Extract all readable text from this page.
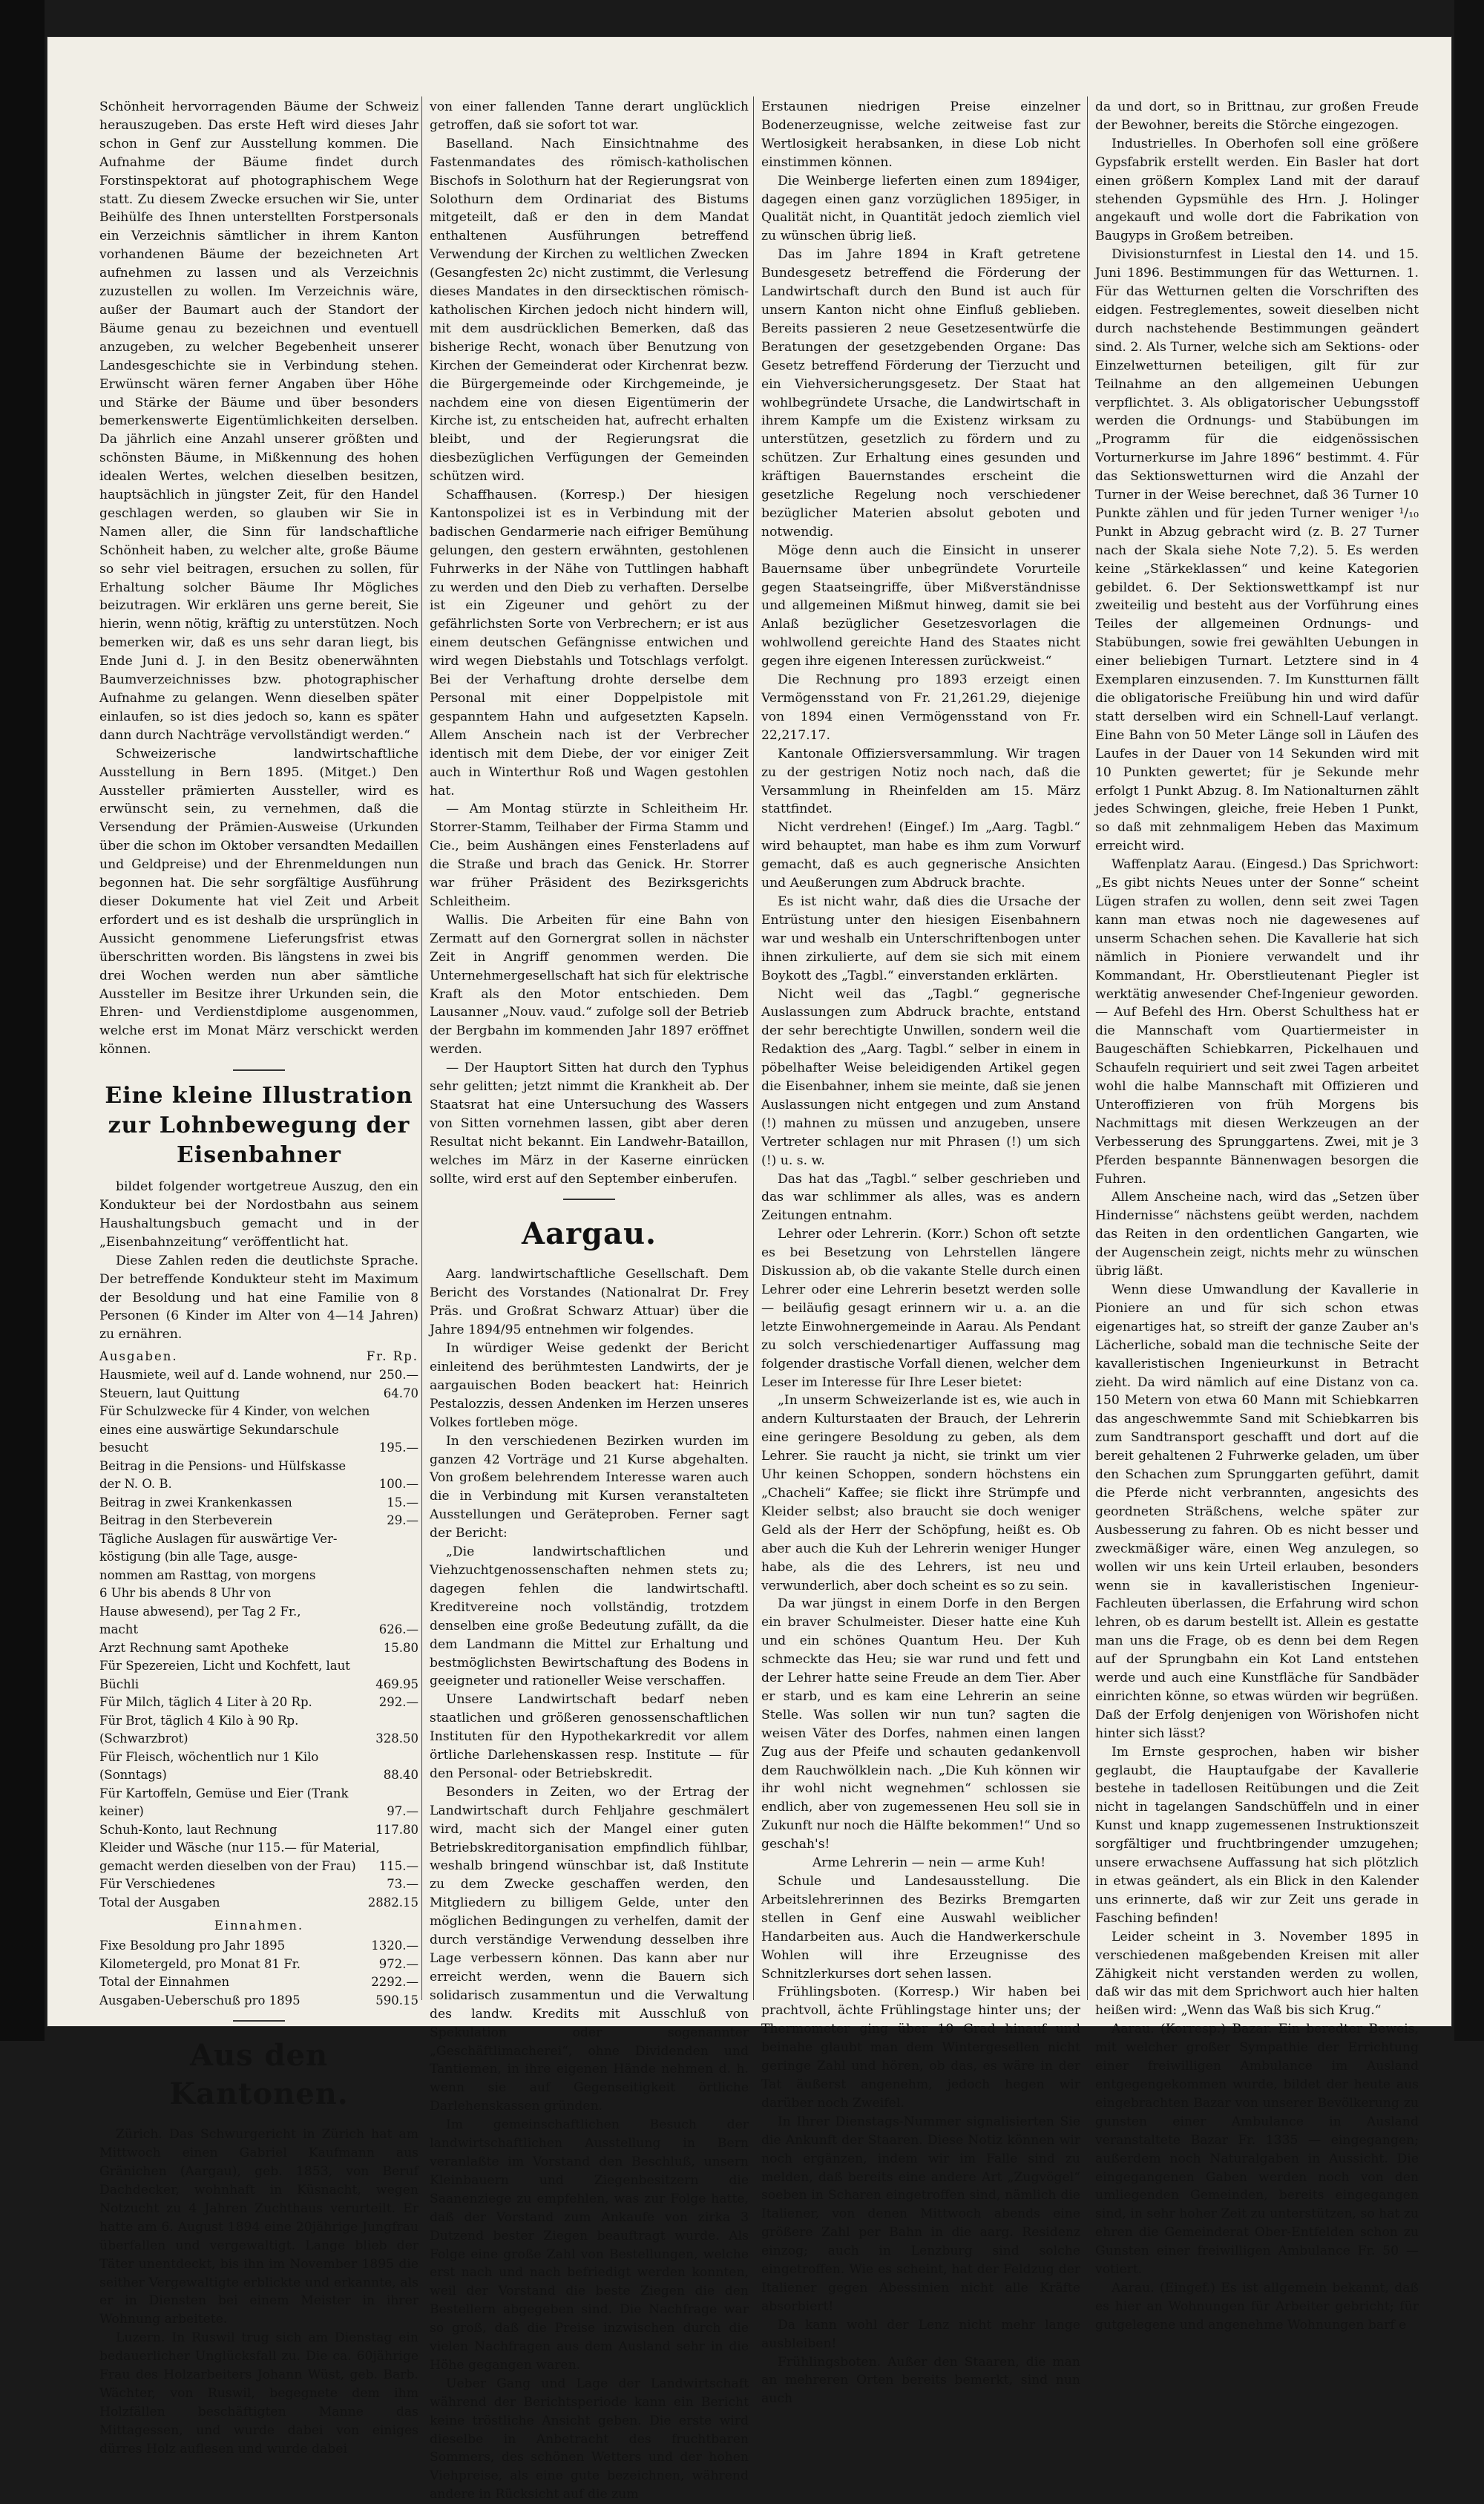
Schönheit hervorragenden Bäume der Schweiz herauszugeben. Das erste Heft wird dieses Jahr schon in Genf zur Ausstellung kommen. Die Aufnahme der Bäume findet durch Forstinspektorat auf photographischem Wege statt. Zu diesem Zwecke ersuchen wir Sie, unter Beihülfe des Ihnen unterstellten Forstpersonals ein Verzeichnis sämtlicher in ihrem Kanton vorhandenen Bäume der bezeichneten Art aufnehmen zu lassen und als Verzeichnis zuzustellen zu wollen. Im Verzeichnis wäre, außer der Baumart auch der Standort der Bäume genau zu bezeichnen und eventuell anzugeben, zu welcher Begebenheit unserer Landesgeschichte sie in Verbindung stehen. Erwünscht wären ferner Angaben über Höhe und Stärke der Bäume und über besonders bemerkenswerte Eigentümlichkeiten derselben. Da jährlich eine Anzahl unserer größten und schönsten Bäume, in Mißkennung des hohen idealen Wertes, welchen dieselben besitzen, hauptsächlich in jüngster Zeit, für den Handel geschlagen werden, so glauben wir Sie in Namen aller, die Sinn für landschaftliche Schönheit haben, zu welcher alte, große Bäume so sehr viel beitragen, ersuchen zu sollen, für Erhaltung solcher Bäume Ihr Mögliches beizutragen. Wir erklären uns gerne bereit, Sie hierin, wenn nötig, kräftig zu unterstützen. Noch bemerken wir, daß es uns sehr daran liegt, bis Ende Juni d. J. in den Besitz obenerwähnten Baumverzeichnisses bzw. photographischer Aufnahme zu gelangen. Wenn dieselben später einlaufen, so ist dies jedoch so, kann es später dann durch Nachträge vervollständigt werden.“

Schweizerische landwirtschaftliche Ausstellung in Bern 1895. (Mitget.) Den Aussteller prämierten Aussteller, wird es erwünscht sein, zu vernehmen, daß die Versendung der Prämien-Ausweise (Urkunden über die schon im Oktober versandten Medaillen und Geldpreise) und der Ehrenmeldungen nun begonnen hat. Die sehr sorgfältige Ausführung dieser Dokumente hat viel Zeit und Arbeit erfordert und es ist deshalb die ursprünglich in Aussicht genommene Lieferungsfrist etwas überschritten worden. Bis längstens in zwei bis drei Wochen werden nun aber sämtliche Aussteller im Besitze ihrer Urkunden sein, die Ehren- und Verdienstdiplome ausgenommen, welche erst im Monat März verschickt werden können.

Eine kleine Illustration zur Lohnbewegung der Eisenbahner

bildet folgender wortgetreue Auszug, den ein Kondukteur bei der Nordostbahn aus seinem Haushaltungsbuch gemacht und in der „Eisenbahnzeitung“ veröffentlicht hat.

Diese Zahlen reden die deutlichste Sprache. Der betreffende Kondukteur steht im Maximum der Besoldung und hat eine Familie von 8 Personen (6 Kinder im Alter von 4—14 Jahren) zu ernähren.

Ausgaben.	Fr. Rp.
Hausmiete, weil auf d. Lande wohnend, nur 250.—
Steuern, laut Quittung	64.70
Für Schulzwecke für 4 Kinder, von welchen
eines eine auswärtige Sekundarschule
besucht	195.—
Beitrag in die Pensions- und Hülfskasse
der N. O. B.	100.—
Beitrag in zwei Krankenkassen	15.—
Beitrag in den Sterbeverein	29.—
Tägliche Auslagen für auswärtige Ver-
köstigung (bin alle Tage, ausge-
nommen am Rasttag, von morgens
6 Uhr bis abends 8 Uhr von
Hause abwesend), per Tag 2 Fr.,
macht	626.—
Arzt Rechnung samt Apotheke	15.80
Für Spezereien, Licht und Kochfett, laut
Büchli	469.95
Für Milch, täglich 4 Liter à 20 Rp.	292.—
Für Brot, täglich 4 Kilo à 90 Rp.
(Schwarzbrot)	328.50
Für Fleisch, wöchentlich nur 1 Kilo
(Sonntags)	88.40
Für Kartoffeln, Gemüse und Eier (Trank
keiner)	97.—
Schuh-Konto, laut Rechnung	117.80
Kleider und Wäsche (nur 115.— für Material,
gemacht werden dieselben von der Frau)	115.—
Für Verschiedenes	73.—
Total der Ausgaben	2882.15
Einnahmen.
Fixe Besoldung pro Jahr 1895	1320.—
Kilometergeld, pro Monat 81 Fr.	972.—
Total der Einnahmen	2292.—
Ausgaben-Ueberschuß pro 1895	590.15
Aus den Kantonen.

Zürich. Das Schwurgericht in Zürich hat am Mittwoch einen Gabriel Kaufmann aus Gränichen (Aargau), geb. 1853, von Beruf Dachdecker, wohnhaft in Küsnacht, wegen Notzucht zu 4 Jahren Zuchthaus verurteilt. Er hatte am 6. August 1894 eine 20jährige Jungfrau überfallen und vergewaltigt. Lange blieb der Täter unentdeckt, bis ihn im November 1895 die seither Vergewaltigte erblickte und erkannte, als er in Diensten bei einem Meister in ihrer Wohnung arbeitete.

Luzern. In Ruswil trug sich am Dienstag ein bedauerlicher Unglücksfall zu. Die ca. 60jährige Frau des Holzarbeiters Johann Wüst, geb. Barb. Wächter, von Ruswil, begegnete dem ihm Holzfällen beschäftigten Manne das Mittagessen, und wurde dabei von einiges dürres Holz auflesen und wurde dabei

von einer fallenden Tanne derart unglücklich getroffen, daß sie sofort tot war.

Baselland. Nach Einsichtnahme des Fastenmandates des römisch-katholischen Bischofs in Solothurn hat der Regierungsrat von Solothurn dem Ordinariat des Bistums mitgeteilt, daß er den in dem Mandat enthaltenen Ausführungen betreffend Verwendung der Kirchen zu weltlichen Zwecken (Gesangfesten 2c) nicht zustimmt, die Verlesung dieses Mandates in den dirsecktischen römisch-katholischen Kirchen jedoch nicht hindern will, mit dem ausdrücklichen Bemerken, daß das bisherige Recht, wonach über Benutzung von Kirchen der Gemeinderat oder Kirchenrat bezw. die Bürgergemeinde oder Kirchgemeinde, je nachdem eine von diesen Eigentümerin der Kirche ist, zu entscheiden hat, aufrecht erhalten bleibt, und der Regierungsrat die diesbezüglichen Verfügungen der Gemeinden schützen wird.

Schaffhausen. (Korresp.) Der hiesigen Kantonspolizei ist es in Verbindung mit der badischen Gendarmerie nach eifriger Bemühung gelungen, den gestern erwähnten, gestohlenen Fuhrwerks in der Nähe von Tuttlingen habhaft zu werden und den Dieb zu verhaften. Derselbe ist ein Zigeuner und gehört zu der gefährlichsten Sorte von Verbrechern; er ist aus einem deutschen Gefängnisse entwichen und wird wegen Diebstahls und Totschlags verfolgt. Bei der Verhaftung drohte derselbe dem Personal mit einer Doppelpistole mit gespanntem Hahn und aufgesetzten Kapseln. Allem Anschein nach ist der Verbrecher identisch mit dem Diebe, der vor einiger Zeit auch in Winterthur Roß und Wagen gestohlen hat.

— Am Montag stürzte in Schleitheim Hr. Storrer-Stamm, Teilhaber der Firma Stamm und Cie., beim Aushängen eines Fensterladens auf die Straße und brach das Genick. Hr. Storrer war früher Präsident des Bezirksgerichts Schleitheim.

Wallis. Die Arbeiten für eine Bahn von Zermatt auf den Gornergrat sollen in nächster Zeit in Angriff genommen werden. Die Unternehmergesellschaft hat sich für elektrische Kraft als den Motor entschieden. Dem Lausanner „Nouv. vaud.“ zufolge soll der Betrieb der Bergbahn im kommenden Jahr 1897 eröffnet werden.

— Der Hauptort Sitten hat durch den Typhus sehr gelitten; jetzt nimmt die Krankheit ab. Der Staatsrat hat eine Untersuchung des Wassers von Sitten vornehmen lassen, gibt aber deren Resultat nicht bekannt. Ein Landwehr-Bataillon, welches im März in der Kaserne einrücken sollte, wird erst auf den September einberufen.

Aargau.

Aarg. landwirtschaftliche Gesellschaft. Dem Bericht des Vorstandes (Nationalrat Dr. Frey Präs. und Großrat Schwarz Attuar) über die Jahre 1894/95 entnehmen wir folgendes.

In würdiger Weise gedenkt der Bericht einleitend des berühmtesten Landwirts, der je aargauischen Boden beackert hat: Heinrich Pestalozzis, dessen Andenken im Herzen unseres Volkes fortleben möge.

In den verschiedenen Bezirken wurden im ganzen 42 Vorträge und 21 Kurse abgehalten. Von großem belehrendem Interesse waren auch die in Verbindung mit Kursen veranstalteten Ausstellungen und Geräteproben. Ferner sagt der Bericht:

„Die landwirtschaftlichen und Viehzuchtgenossenschaften nehmen stets zu; dagegen fehlen die landwirtschaftl. Kreditvereine noch vollständig, trotzdem denselben eine große Bedeutung zufällt, da die dem Landmann die Mittel zur Erhaltung und bestmöglichsten Bewirtschaftung des Bodens in geeigneter und rationeller Weise verschaffen.

Unsere Landwirtschaft bedarf neben staatlichen und größeren genossenschaftlichen Instituten für den Hypothekarkredit vor allem örtliche Darlehenskassen resp. Institute — für den Personal- oder Betriebskredit.

Besonders in Zeiten, wo der Ertrag der Landwirtschaft durch Fehljahre geschmälert wird, macht sich der Mangel einer guten Betriebskreditorganisation empfindlich fühlbar, weshalb bringend wünschbar ist, daß Institute zu dem Zwecke geschaffen werden, den Mitgliedern zu billigem Gelde, unter den möglichen Bedingungen zu verhelfen, damit der durch verständige Verwendung desselben ihre Lage verbessern können. Das kann aber nur erreicht werden, wenn die Bauern sich solidarisch zusammentun und die Verwaltung des landw. Kredits mit Ausschluß von Spekulation oder sogenannter „Geschäftlimacherei“, ohne Dividenden und Tantiemen, in ihre eigenen Hände nehmen d. h. wenn sie auf Gegenseitigkeit örtliche Darlehenskassen gründen.

Im gemeinschaftlichen Besuch der landwirtschaftlichen Ausstellung in Bern veranlaßte im Vorstand den Beschluß, unsern Kleinbauern und Ziegenbesitzern die Saanenziege zu empfehlen, was zur Folge hatte, daß der Vorstand zum Ankaufe von zirka 3 Dutzend bester Ziegen beauftragt wurde. Als Folge eine große Zahl von Bestellungen, welche erst nach und nach befriedigt werden konnten, weil der Vorstand die beste Ziegen die den Bestellern abgegeben sind. Die Nachfrage war so groß, daß die Preise inzwischen durch die vielen Nachfragen aus dem Ausland sehr in die Höhe gegangen waren.

Ueber Gang und Lage der Landwirtschaft während der Berichtsperiode kann ein Bericht keine tröstliche Ansicht geben. Die erste wird dieselbe in Anbetracht des fruchtbaren Sommers, des schönen Wetters und der hohen Viehpreise, als eine gute bezeichnen, während andere in Rücksicht auf die zum

Erstaunen niedrigen Preise einzelner Bodenerzeugnisse, welche zeitweise fast zur Wertlosigkeit herabsanken, in diese Lob nicht einstimmen können.

Die Weinberge lieferten einen zum 1894iger, dagegen einen ganz vorzüglichen 1895iger, in Qualität nicht, in Quantität jedoch ziemlich viel zu wünschen übrig ließ.

Das im Jahre 1894 in Kraft getretene Bundesgesetz betreffend die Förderung der Landwirtschaft durch den Bund ist auch für unsern Kanton nicht ohne Einfluß geblieben. Bereits passieren 2 neue Gesetzesentwürfe die Beratungen der gesetzgebenden Organe: Das Gesetz betreffend Förderung der Tierzucht und ein Viehversicherungsgesetz. Der Staat hat wohlbegründete Ursache, die Landwirtschaft in ihrem Kampfe um die Existenz wirksam zu unterstützen, gesetzlich zu fördern und zu schützen. Zur Erhaltung eines gesunden und kräftigen Bauernstandes erscheint die gesetzliche Regelung noch verschiedener bezüglicher Materien absolut geboten und notwendig.

Möge denn auch die Einsicht in unserer Bauernsame über unbegründete Vorurteile gegen Staatseingriffe, über Mißverständnisse und allgemeinen Mißmut hinweg, damit sie bei Anlaß bezüglicher Gesetzesvorlagen die wohlwollend gereichte Hand des Staates nicht gegen ihre eigenen Interessen zurückweist.“

Die Rechnung pro 1893 erzeigt einen Vermögensstand von Fr. 21,261.29, diejenige von 1894 einen Vermögensstand von Fr. 22,217.17.

Kantonale Offiziersversammlung. Wir tragen zu der gestrigen Notiz noch nach, daß die Versammlung in Rheinfelden am 15. März stattfindet.

Nicht verdrehen! (Eingef.) Im „Aarg. Tagbl.“ wird behauptet, man habe es ihm zum Vorwurf gemacht, daß es auch gegnerische Ansichten und Aeußerungen zum Abdruck brachte.

Es ist nicht wahr, daß dies die Ursache der Entrüstung unter den hiesigen Eisenbahnern war und weshalb ein Unterschriftenbogen unter ihnen zirkulierte, auf dem sie sich mit einem Boykott des „Tagbl.“ einverstanden erklärten.

Nicht weil das „Tagbl.“ gegnerische Auslassungen zum Abdruck brachte, entstand der sehr berechtigte Unwillen, sondern weil die Redaktion des „Aarg. Tagbl.“ selber in einem in pöbelhafter Weise beleidigenden Artikel gegen die Eisenbahner, inhem sie meinte, daß sie jenen Auslassungen nicht entgegen und zum Anstand (!) mahnen zu müssen und anzugeben, unsere Vertreter schlagen nur mit Phrasen (!) um sich (!) u. s. w.

Das hat das „Tagbl.“ selber geschrieben und das war schlimmer als alles, was es andern Zeitungen entnahm.

Lehrer oder Lehrerin. (Korr.) Schon oft setzte es bei Besetzung von Lehrstellen längere Diskussion ab, ob die vakante Stelle durch einen Lehrer oder eine Lehrerin besetzt werden solle — beiläufig gesagt erinnern wir u. a. an die letzte Einwohnergemeinde in Aarau. Als Pendant zu solch verschiedenartiger Auffassung mag folgender drastische Vorfall dienen, welcher dem Leser im Interesse für Ihre Leser bietet:

„In unserm Schweizerlande ist es, wie auch in andern Kulturstaaten der Brauch, der Lehrerin eine geringere Besoldung zu geben, als dem Lehrer. Sie raucht ja nicht, sie trinkt um vier Uhr keinen Schoppen, sondern höchstens ein „Chacheli“ Kaffee; sie flickt ihre Strümpfe und Kleider selbst; also braucht sie doch weniger Geld als der Herr der Schöpfung, heißt es. Ob aber auch die Kuh der Lehrerin weniger Hunger habe, als die des Lehrers, ist neu und verwunderlich, aber doch scheint es so zu sein.

Da war jüngst in einem Dorfe in den Bergen ein braver Schulmeister. Dieser hatte eine Kuh und ein schönes Quantum Heu. Der Kuh schmeckte das Heu; sie war rund und fett und der Lehrer hatte seine Freude an dem Tier. Aber er starb, und es kam eine Lehrerin an seine Stelle. Was sollen wir nun tun? sagten die weisen Väter des Dorfes, nahmen einen langen Zug aus der Pfeife und schauten gedankenvoll dem Rauchwölklein nach. „Die Kuh können wir ihr wohl nicht wegnehmen“ schlossen sie endlich, aber von zugemessenen Heu soll sie in Zukunft nur noch die Hälfte bekommen!“ Und so geschah's!

Arme Lehrerin — nein — arme Kuh!

Schule und Landesausstellung. Die Arbeitslehrerinnen des Bezirks Bremgarten stellen in Genf eine Auswahl weiblicher Handarbeiten aus. Auch die Handwerkerschule Wohlen will ihre Erzeugnisse des Schnitzlerkurses dort sehen lassen.

Frühlingsboten. (Korresp.) Wir haben bei prachtvoll, ächte Frühlingstage hinter uns; der Thermometer ging über 10 Grad hinauf und beinahe glaubt man dem Wintergesellen nicht geringe Zahl und hören, ob das, es wäre in der Tat äußerst angenehm, jedoch hegen wir darüber noch Zweifel.

In Ihrer Dienstags-Nummer signalisierten Sie die Ankunft der Staaren. Diese Notiz können wir noch ergänzen, indem wir im Falle sind zu melden, daß bereits eine andere Art „Zugvögel“ soeben in Scharen eingetroffen sind, nämlich die Italiener, von denen Mittwoch abends eine größere Zahl per Bahn in die aarg. Residenz einzog; auch in Lenzburg sind solche eingetroffen. Wie es scheint, hat der Feldzug der Italiener gegen Abessinien nicht alle Kräfte absorbiert!

Da kann wohl der Lenz nicht mehr lange ausbleiben!

Frühlingsboten. Außer den Staaren, die man an mehreren Orten bereits bemerkt, sind nun auch

da und dort, so in Brittnau, zur großen Freude der Bewohner, bereits die Störche eingezogen.

Industrielles. In Oberhofen soll eine größere Gypsfabrik erstellt werden. Ein Basler hat dort einen größern Komplex Land mit der darauf stehenden Gypsmühle des Hrn. J. Holinger angekauft und wolle dort die Fabrikation von Baugyps in Großem betreiben.

Divisionsturnfest in Liestal den 14. und 15. Juni 1896. Bestimmungen für das Wetturnen. 1. Für das Wetturnen gelten die Vorschriften des eidgen. Festreglementes, soweit dieselben nicht durch nachstehende Bestimmungen geändert sind. 2. Als Turner, welche sich am Sektions- oder Einzelwetturnen beteiligen, gilt für zur Teilnahme an den allgemeinen Uebungen verpflichtet. 3. Als obligatorischer Uebungsstoff werden die Ordnungs- und Stabübungen im „Programm für die eidgenössischen Vorturnerkurse im Jahre 1896“ bestimmt. 4. Für das Sektionswetturnen wird die Anzahl der Turner in der Weise berechnet, daß 36 Turner 10 Punkte zählen und für jeden Turner weniger ¹/₁₀ Punkt in Abzug gebracht wird (z. B. 27 Turner nach der Skala siehe Note 7,2). 5. Es werden keine „Stärkeklassen“ und keine Kategorien gebildet. 6. Der Sektionswettkampf ist nur zweiteilig und besteht aus der Vorführung eines Teiles der allgemeinen Ordnungs- und Stabübungen, sowie frei gewählten Uebungen in einer beliebigen Turnart. Letztere sind in 4 Exemplaren einzusenden. 7. Im Kunstturnen fällt die obligatorische Freiübung hin und wird dafür statt derselben wird ein Schnell-Lauf verlangt. Eine Bahn von 50 Meter Länge soll in Läufen des Laufes in der Dauer von 14 Sekunden wird mit 10 Punkten gewertet; für je Sekunde mehr erfolgt 1 Punkt Abzug. 8. Im Nationalturnen zählt jedes Schwingen, gleiche, freie Heben 1 Punkt, so daß mit zehnmaligem Heben das Maximum erreicht wird.

Waffenplatz Aarau. (Eingesd.) Das Sprichwort: „Es gibt nichts Neues unter der Sonne“ scheint Lügen strafen zu wollen, denn seit zwei Tagen kann man etwas noch nie dagewesenes auf unserm Schachen sehen. Die Kavallerie hat sich nämlich in Pioniere verwandelt und ihr Kommandant, Hr. Oberstlieutenant Piegler ist werktätig anwesender Chef-Ingenieur geworden. — Auf Befehl des Hrn. Oberst Schulthess hat er die Mannschaft vom Quartiermeister in Baugeschäften Schiebkarren, Pickelhauen und Schaufeln requiriert und seit zwei Tagen arbeitet wohl die halbe Mannschaft mit Offizieren und Unteroffizieren von früh Morgens bis Nachmittags mit diesen Werkzeugen an der Verbesserung des Sprunggartens. Zwei, mit je 3 Pferden bespannte Bännenwagen besorgen die Fuhren.

Allem Anscheine nach, wird das „Setzen über Hindernisse“ nächstens geübt werden, nachdem das Reiten in den ordentlichen Gangarten, wie der Augenschein zeigt, nichts mehr zu wünschen übrig läßt.

Wenn diese Umwandlung der Kavallerie in Pioniere an und für sich schon etwas eigenartiges hat, so streift der ganze Zauber an's Lächerliche, sobald man die technische Seite der kavalleristischen Ingenieurkunst in Betracht zieht. Da wird nämlich auf eine Distanz von ca. 150 Metern von etwa 60 Mann mit Schiebkarren das angeschwemmte Sand mit Schiebkarren bis zum Sandtransport geschafft und dort auf die bereit gehaltenen 2 Fuhrwerke geladen, um über den Schachen zum Sprunggarten geführt, damit die Pferde nicht verbrannten, angesichts des geordneten Sträßchens, welche später zur Ausbesserung zu fahren. Ob es nicht besser und zweckmäßiger wäre, einen Weg anzulegen, so wollen wir uns kein Urteil erlauben, besonders wenn sie in kavalleristischen Ingenieur-Fachleuten überlassen, die Erfahrung wird schon lehren, ob es darum bestellt ist. Allein es gestatte man uns die Frage, ob es denn bei dem Regen auf der Sprungbahn ein Kot Land entstehen werde und auch eine Kunstfläche für Sandbäder einrichten könne, so etwas würden wir begrüßen. Daß der Erfolg denjenigen von Wörishofen nicht hinter sich lässt?

Im Ernste gesprochen, haben wir bisher geglaubt, die Hauptaufgabe der Kavallerie bestehe in tadellosen Reitübungen und die Zeit nicht in tagelangen Sandschüffeln und in einer Kunst und knapp zugemessenen Instruktionszeit sorgfältiger und fruchtbringender umzugehen; unsere erwachsene Auffassung hat sich plötzlich in etwas geändert, als ein Blick in den Kalender uns erinnerte, daß wir zur Zeit uns gerade in Fasching befinden!

Leider scheint in 3. November 1895 in verschiedenen maßgebenden Kreisen mit aller Zähigkeit nicht verstanden werden zu wollen, daß wir das mit dem Sprichwort auch hier halten heißen wird: „Wenn das Waß bis sich Krug.“

Aarau. (Korresp.) Bazar. Ein beredter Beweis, mit welcher großer Sympathie der Errichtung einer freiwilligen Ambulance im Ausland entgegengekommen wurde, bildet der heute aus eingebrachten Bazar von unserer Bevölkerung zu gunsten einer Ambulance in Ausland veranstaltete Bazar Fr. 1335 — eingegangen; außerdem noch Naturalgaben in Aussicht. Die eingegangenen Gaben werden noch von den umliegenden Gemeinden, bereits eingegangen sind, in sehr hoher Zeit zu unterstützen, so hat zu ehren die Gemeinderat Ober-Entfelden schon zu Gunsten einer freiwilligen Ambulance Fr. 50 — votiert.

Aarau. (Eingef.) Es ist allgemein bekannt, daß es hier an Wohnungen für Arbeiter gebricht; für gutgelegene und angenehme Wohnungen barf e
